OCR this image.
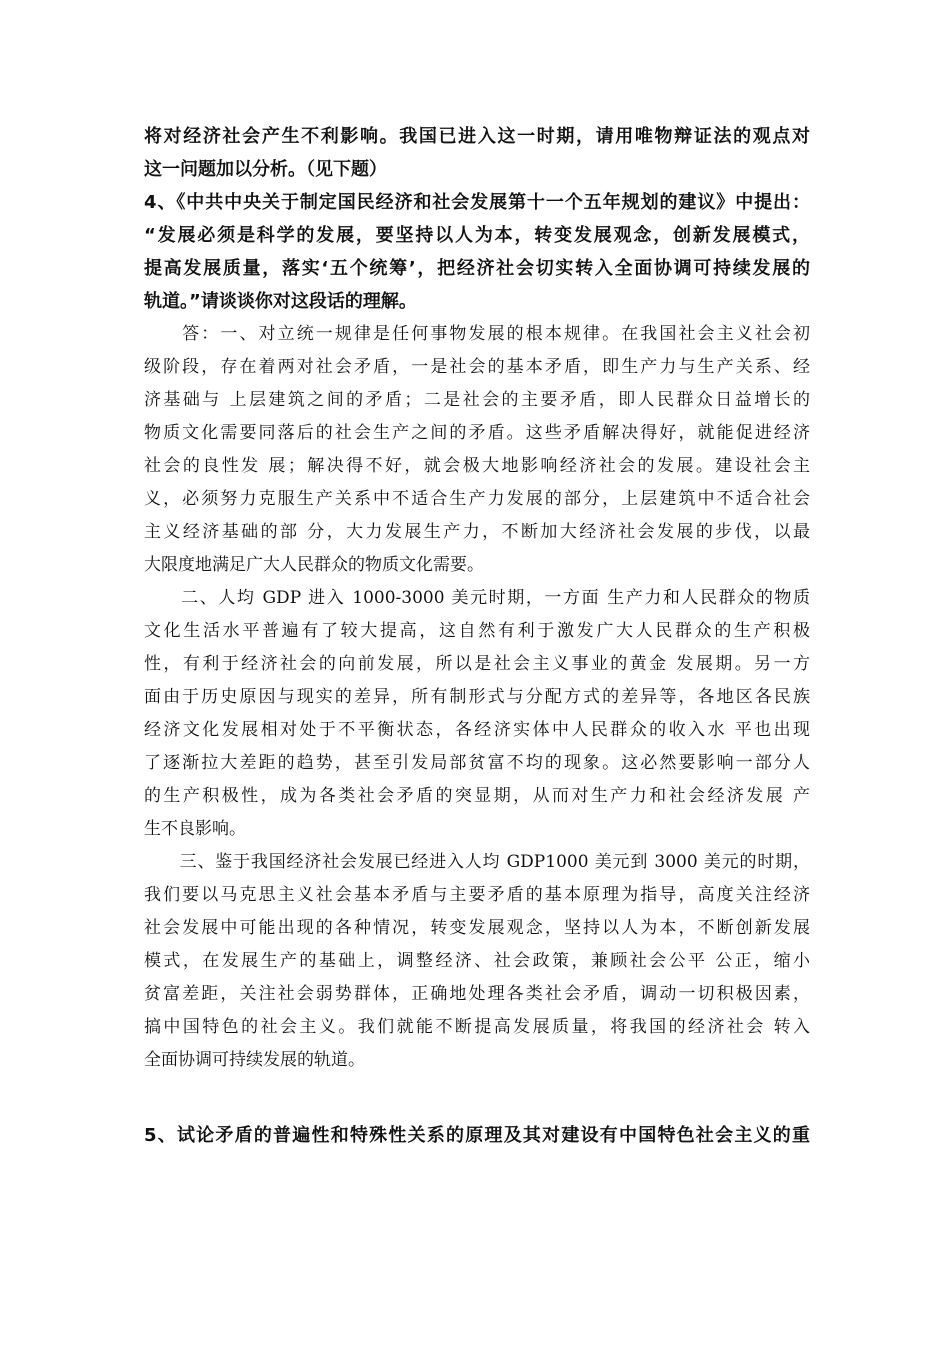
将对经济社会产生不利影响。我国已进入这一时期，请用唯物辩证法的观点对
这一问题加以分析。（见下题）
4、《中共中央关于制定国民经济和社会发展第十一个五年规划的建议》中提出：
“发展必须是科学的发展，要坚持以人为本，转变发展观念，创新发展模式，
提高发展质量，落实‘五个统筹’，把经济社会切实转入全面协调可持续发展的
轨道。”请谈谈你对这段话的理解。
　　答：一、对立统一规律是任何事物发展的根本规律。在我国社会主义社会初
级阶段，存在着两对社会矛盾，一是社会的基本矛盾，即生产力与生产关系、经
济基础与 上层建筑之间的矛盾；二是社会的主要矛盾，即人民群众日益增长的
物质文化需要同落后的社会生产之间的矛盾。这些矛盾解决得好，就能促进经济
社会的良性发 展；解决得不好，就会极大地影响经济社会的发展。建设社会主
义，必须努力克服生产关系中不适合生产力发展的部分，上层建筑中不适合社会
主义经济基础的部 分，大力发展生产力，不断加大经济社会发展的步伐，以最
大限度地满足广大人民群众的物质文化需要。
　　二、人均 GDP 进入 1000-3000 美元时期，一方面 生产力和人民群众的物质
文化生活水平普遍有了较大提高，这自然有利于激发广大人民群众的生产积极
性，有利于经济社会的向前发展，所以是社会主义事业的黄金 发展期。另一方
面由于历史原因与现实的差异，所有制形式与分配方式的差异等，各地区各民族
经济文化发展相对处于不平衡状态，各经济实体中人民群众的收入水 平也出现
了逐渐拉大差距的趋势，甚至引发局部贫富不均的现象。这必然要影响一部分人
的生产积极性，成为各类社会矛盾的突显期，从而对生产力和社会经济发展 产
生不良影响。
　　三、鉴于我国经济社会发展已经进入人均 GDP1000 美元到 3000 美元的时期，
我们要以马克思主义社会基本矛盾与主要矛盾的基本原理为指导，高度关注经济
社会发展中可能出现的各种情况，转变发展观念，坚持以人为本，不断创新发展
模式，在发展生产的基础上，调整经济、社会政策，兼顾社会公平 公正，缩小
贫富差距，关注社会弱势群体，正确地处理各类社会矛盾，调动一切积极因素，
搞中国特色的社会主义。我们就能不断提高发展质量，将我国的经济社会 转入
全面协调可持续发展的轨道。
5、试论矛盾的普遍性和特殊性关系的原理及其对建设有中国特色社会主义的重
